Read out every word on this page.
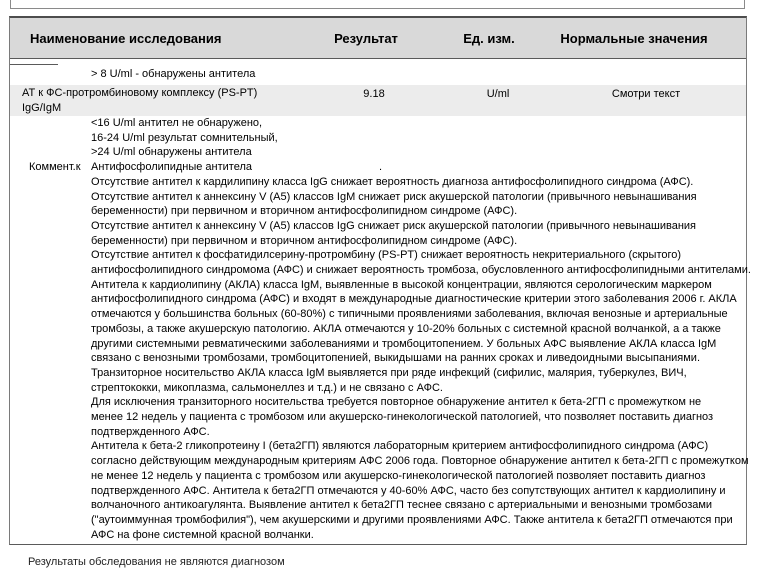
Наименование исследования	Результат	Ед. изм.	Нормальные значения
> 8 U/ml - обнаружены антитела
АТ к ФС-протромбиновому комплексу (PS-PT)
IgG/IgM
9.18	U/ml	Смотри текст
<16 U/ml антител не обнаружено,
16-24 U/ml результат сомнительный,
>24 U/ml обнаружены антитела
Коммент.к Антифосфолипидные антитела	.
Отсутствие антител к кардилипину класса IgG снижает вероятность диагноза антифосфолипидного синдрома (АФС).
Отсутствие антител к аннексину V (А5) классов IgM снижает риск акушерской патологии (привычного невынашивания
беременности) при первичном и вторичном антифосфолипидном синдроме (АФС).
Отсутствие антител к аннексину V (А5) классов IgG снижает риск акушерской патологии (привычного невынашивания
беременности) при первичном и вторичном антифосфолипидном синдроме (АФС).
Отсутствие антител к фосфатидилсерину-протромбину (PS-PT) снижает вероятность некритериального (скрытого)
антифосфолипидного синдромома (АФС) и снижает вероятность тромбоза, обусловленного антифосфолипидными антителами.
Антитела к кардиолипину (АКЛА) класса IgM, выявленные в высокой концентрации, являются серологическим маркером
антифосфолипидного синдрома (АФС) и входят в международные диагностические критерии этого заболевания 2006 г. АКЛА
отмечаются у большинства больных (60-80%) с типичными проявлениями заболевания, включая венозные и артериальные
тромбозы, а также акушерскую патологию. АКЛА отмечаются у 10-20% больных с системной красной волчанкой, а а также
другими системными ревматическими заболеваниями и тромбоцитопением. У больных АФС выявление АКЛА класса IgM
связано с венозными тромбозами, тромбоцитопенией, выкидышами на ранних сроках и ливедоидными высыпаниями.
Транзиторное носительство АКЛА класса IgM выявляется при ряде инфекций (сифилис, малярия, туберкулез, ВИЧ,
стрептококки, микоплазма, сальмонеллез и т.д.) и не связано с АФС.
Для исключения транзиторного носительства требуется повторное обнаружение антител к бета-2ГП с промежутком не
менее 12 недель у пациента с тромбозом или акушерско-гинекологической патологией, что позволяет поставить диагноз
подтвержденного АФС.
Антитела к бета-2 гликопротеину I (бета2ГП) являются лабораторным критерием антифосфолипидного синдрома (АФС)
согласно действующим международным критериям АФС 2006 года. Повторное обнаружение антител к бета-2ГП с промежутком
не менее 12 недель у пациента с тромбозом или акушерско-гинекологической патологией позволяет поставить диагноз
подтвержденного АФС. Антитела к бета2ГП отмечаются у 40-60% АФС, часто без сопутствующих антител к кардиолипину и
волчаночного антикоагулянта. Выявление антител к бета2ГП теснее связано с артериальными и венозными тромбозами
("аутоиммунная тромбофилия"), чем акушерскими и другими проявлениями АФС. Также антитела к бета2ГП отмечаются при
АФС на фоне системной красной волчанки.
Результаты обследования не являются диагнозом
